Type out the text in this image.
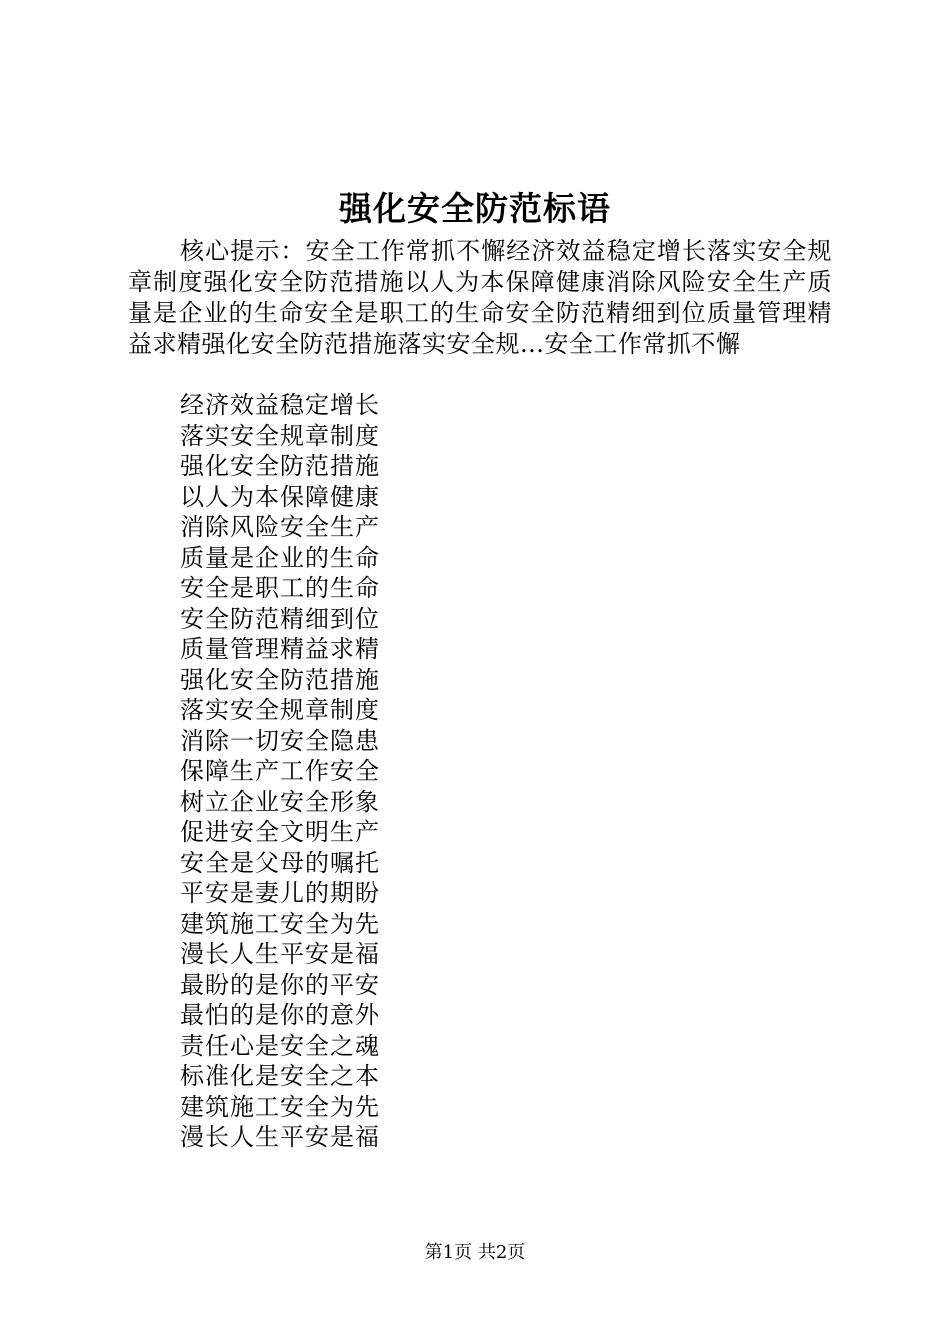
强化安全防范标语
核心提示：安全工作常抓不懈经济效益稳定增长落实安全规章制度强化安全防范措施以人为本保障健康消除风险安全生产质量是企业的生命安全是职工的生命安全防范精细到位质量管理精益求精强化安全防范措施落实安全规...安全工作常抓不懈
经济效益稳定增长
落实安全规章制度
强化安全防范措施
以人为本保障健康
消除风险安全生产
质量是企业的生命
安全是职工的生命
安全防范精细到位
质量管理精益求精
强化安全防范措施
落实安全规章制度
消除一切安全隐患
保障生产工作安全
树立企业安全形象
促进安全文明生产
安全是父母的嘱托
平安是妻儿的期盼
建筑施工安全为先
漫长人生平安是福
最盼的是你的平安
最怕的是你的意外
责任心是安全之魂
标准化是安全之本
建筑施工安全为先
漫长人生平安是福
第1页 共2页
